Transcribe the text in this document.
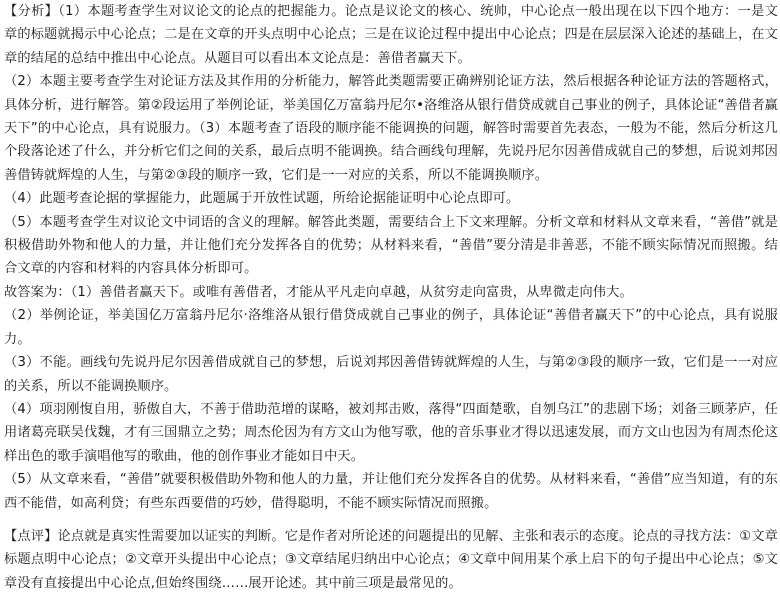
【分析】（1）本题考查学生对议论文的论点的把握能力。论点是议论文的核心、统帅，中心论点一般出现在以下四个地方：一是文章的标题就揭示中心论点；二是在文章的开头点明中心论点；三是在议论过程中提出中心论点；四是在层层深入论述的基础上，在文章的结尾的总结中推出中心论点。从题目可以看出本文论点是：善借者赢天下。

（2）本题主要考查学生对论证方法及其作用的分析能力，解答此类题需要正确辨别论证方法，然后根据各种论证方法的答题格式，具体分析，进行解答。第②段运用了举例论证，举美国亿万富翁丹尼尔•洛维洛从银行借贷成就自己事业的例子，具体论证“善借者赢天下”的中心论点，具有说服力。（3）本题考查了语段的顺序能不能调换的问题，解答时需要首先表态，一般为不能，然后分析这几个段落论述了什么，并分析它们之间的关系，最后点明不能调换。结合画线句理解，先说丹尼尔因善借成就自己的梦想，后说刘邦因善借铸就辉煌的人生，与第②③段的顺序一致，它们是一一对应的关系，所以不能调换顺序。

（4）此题考查论据的掌握能力，此题属于开放性试题，所给论据能证明中心论点即可。

（5）本题考查学生对议论文中词语的含义的理解。解答此类题，需要结合上下文来理解。分析文章和材料从文章来看，“善借”就是积极借助外物和他人的力量，并让他们充分发挥各自的优势；从材料来看，“善借”要分清是非善恶，不能不顾实际情况而照搬。结合文章的内容和材料的内容具体分析即可。

故答案为：（1）善借者赢天下。或唯有善借者，才能从平凡走向卓越，从贫穷走向富贵，从卑微走向伟大。

（2）举例论证，举美国亿万富翁丹尼尔·洛维洛从银行借贷成就自己事业的例子，具体论证“善借者赢天下”的中心论点，具有说服力。

（3）不能。画线句先说丹尼尔因善借成就自己的梦想，后说刘邦因善借铸就辉煌的人生，与第②③段的顺序一致，它们是一一对应的关系，所以不能调换顺序。

（4）项羽刚愎自用，骄傲自大，不善于借助范增的谋略，被刘邦击败，落得“四面楚歌，自刎乌江”的悲剧下场；刘备三顾茅庐，任用诸葛亮联吴伐魏，才有三国鼎立之势；周杰伦因为有方文山为他写歌，他的音乐事业才得以迅速发展，而方文山也因为有周杰伦这样出色的歌手演唱他写的歌曲，他的创作事业才能如日中天。

（5）从文章来看，“善借”就要积极借助外物和他人的力量，并让他们充分发挥各自的优势。从材料来看，“善借”应当知道，有的东西不能借，如高利贷；有些东西要借的巧妙，借得聪明，不能不顾实际情况而照搬。

【点评】论点就是真实性需要加以证实的判断。它是作者对所论述的问题提出的见解、主张和表示的态度。论点的寻找方法：①文章标题点明中心论点；②文章开头提出中心论点；③文章结尾归纳出中心论点；④文章中间用某个承上启下的句子提出中心论点；⑤文章没有直接提出中心论点,但始终围绕……展开论述。其中前三项是最常见的。
